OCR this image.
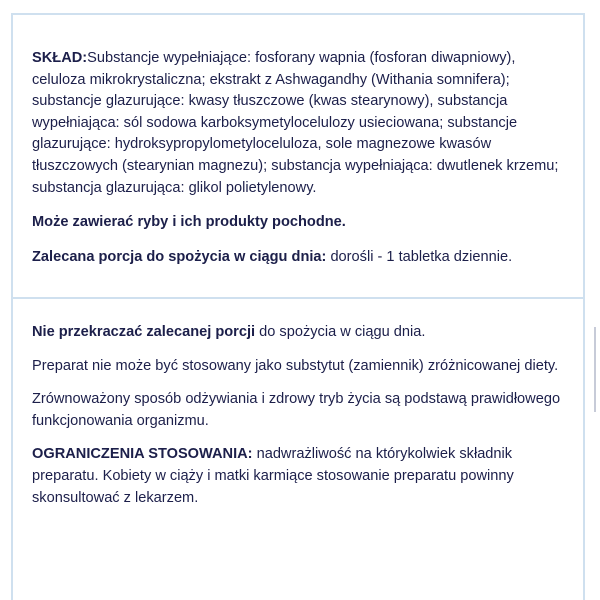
SKŁAD:Substancje wypełniające: fosforany wapnia (fosforan diwapniowy), celuloza mikrokrystaliczna; ekstrakt z Ashwagandhy (Withania somnifera); substancje glazurujące: kwasy tłuszczowe (kwas stearynowy), substancja wypełniająca: sól sodowa karboksymetylocelulozy usieciowana; substancje glazurujące: hydroksypropylometyloceluloza, sole magnezowe kwasów tłuszczowych (stearynian magnezu); substancja wypełniająca: dwutlenek krzemu; substancja glazurująca: glikol polietylenowy.

Może zawierać ryby i ich produkty pochodne.

Zalecana porcja do spożycia w ciągu dnia: dorośli - 1 tabletka dziennie.

Nie przekraczać zalecanej porcji do spożycia w ciągu dnia.

Preparat nie może być stosowany jako substytut (zamiennik) zróżnicowanej diety.

Zrównoważony sposób odżywiania i zdrowy tryb życia są podstawą prawidłowego funkcjonowania organizmu.

OGRANICZENIA STOSOWANIA: nadwrażliwość na którykolwiek składnik preparatu. Kobiety w ciąży i matki karmiące stosowanie preparatu powinny skonsultować z lekarzem.
